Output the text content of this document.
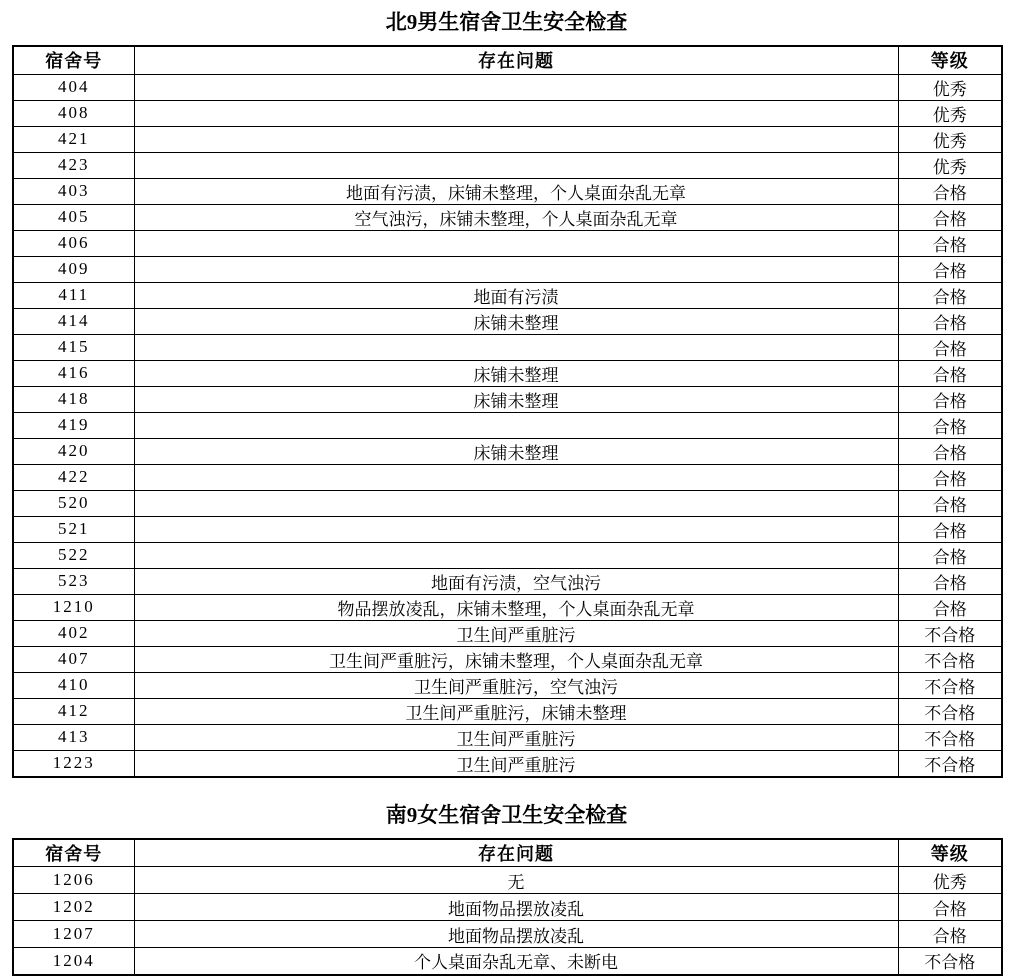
北9男生宿舍卫生安全检查
宿舍号	存在问题	等级
404		优秀
408		优秀
421		优秀
423		优秀
403	地面有污渍，床铺未整理，个人桌面杂乱无章	合格
405	空气浊污，床铺未整理，个人桌面杂乱无章	合格
406		合格
409		合格
411	地面有污渍	合格
414	床铺未整理	合格
415		合格
416	床铺未整理	合格
418	床铺未整理	合格
419		合格
420	床铺未整理	合格
422		合格
520		合格
521		合格
522		合格
523	地面有污渍，空气浊污	合格
1210	物品摆放凌乱，床铺未整理，个人桌面杂乱无章	合格
402	卫生间严重脏污	不合格
407	卫生间严重脏污，床铺未整理，个人桌面杂乱无章	不合格
410	卫生间严重脏污，空气浊污	不合格
412	卫生间严重脏污，床铺未整理	不合格
413	卫生间严重脏污	不合格
1223	卫生间严重脏污	不合格
南9女生宿舍卫生安全检查
宿舍号	存在问题	等级
1206	无	优秀
1202	地面物品摆放凌乱	合格
1207	地面物品摆放凌乱	合格
1204	个人桌面杂乱无章、未断电	不合格
